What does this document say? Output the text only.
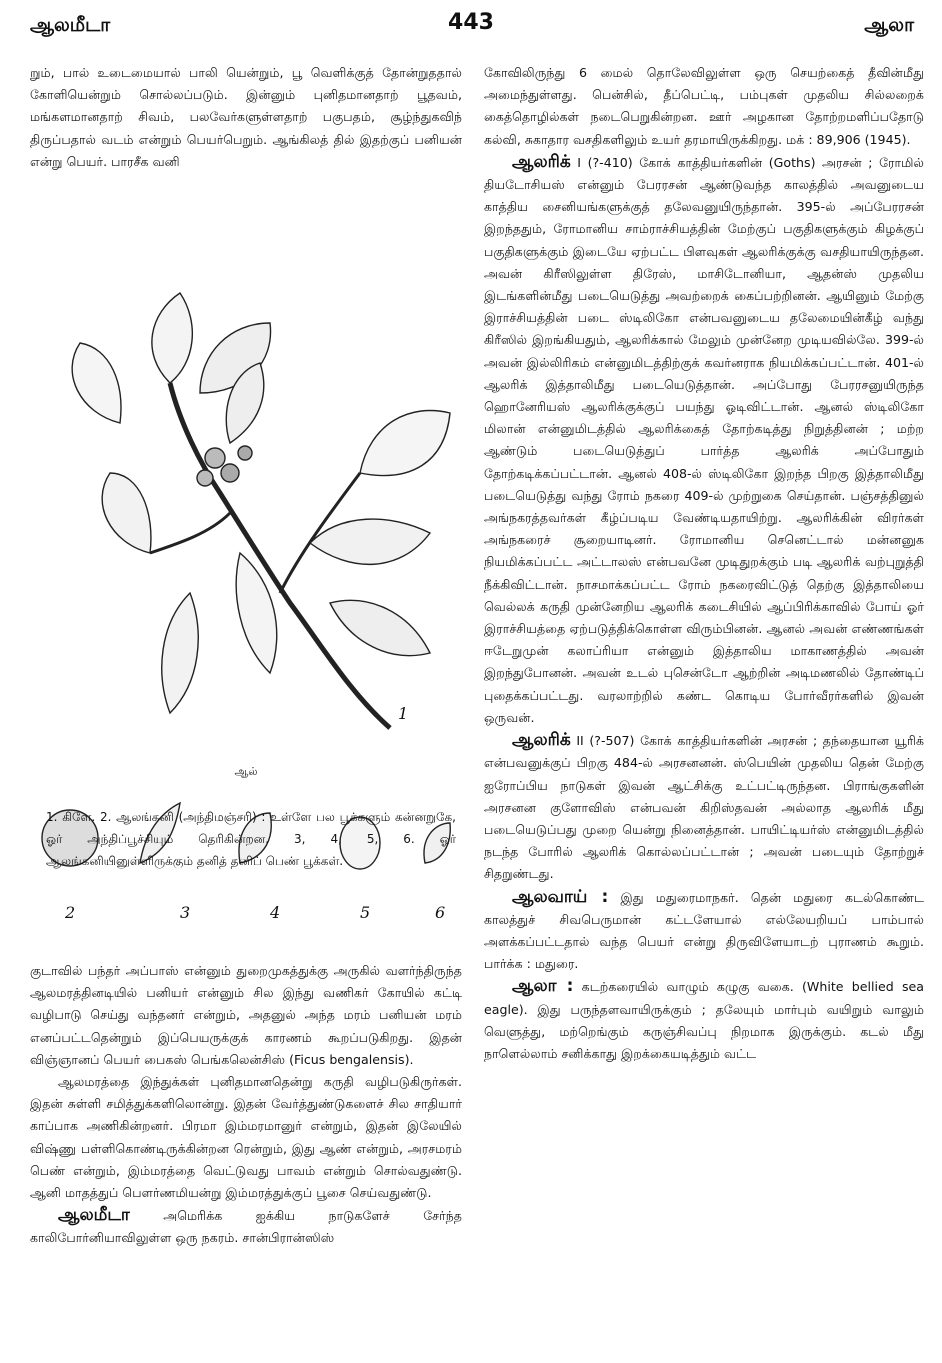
ஆலமீடா	443	ஆலா

றும், பால் உடைமையால் பாலி யென்றும், பூ வெளிக்குத் தோன்றுததால் கோளியென்றும் சொல்லப்படும். இன்னும் புனிதமானதாற் பூதவம், மங்களமானதாற் சிவம், பலவேர்களுள்ளதாற் பகுபதம், சூழ்ந்துகவிந் திருப்பதால் வடம் என்றும் பெயர்பெறும். ஆங்கிலத் தில் இதற்குப் பனியன் என்று பெயர். பாரசீக வனி

1
2	3	4	5	6
ஆல்
1. கிளே. 2. ஆலங்கனி (அந்திமஞ்சரி) : உள்ளே பல பூக்களும் கன்னறுகே, ஓர் அந்திப்பூச்சியும் தெரிகின்றன. 3, 4, 5, 6. ஓர் ஆலங்கனியினுள்ளிருக்கும் தனித் தனிப் பெண் பூக்கள்.

குடாவில் பந்தர் அப்பாஸ் என்னும் துறைமுகத்துக்கு அருகில் வளர்ந்திருந்த ஆலமரத்தினடியில் பனியர் என்னும் சில இந்து வணிகர் கோயில் கட்டி வழிபாடு செய்து வந்தனர் என்றும், அதனுல் அந்த மரம் பனியன் மரம் எனப்பட்டதென்றும் இப்பெயருக்குக் காரணம் கூறப்படுகிறது. இதன் விஞ்ஞானப் பெயர் பைகஸ் பெங்கலென்சிஸ் (Ficus bengalensis).

ஆலமரத்தை இந்துக்கள் புனிதமானதென்று கருதி வழிபடுகிருர்கள். இதன் சுள்ளி சமித்துக்களிலொன்று. இதன் வேர்த்துண்டுகளைச் சில சாதியார் காப்பாக அணிகின்றனர். பிரமா இம்மரமானுர் என்றும், இதன் இலேயில் விஷ்ணு பள்ளிகொண்டிருக்கின்றன ரென்றும், இது ஆண் என்றும், அரசமரம் பெண் என்றும், இம்மரத்தை வெட்டுவது பாவம் என்றும் சொல்வதுண்டு. ஆனி மாதத்துப் பௌர்ணமியன்று இம்மரத்துக்குப் பூசை செய்வதுண்டு.

ஆலமீடா அமெரிக்க ஐக்கிய நாடுகளேச் சேர்ந்த காலிபோர்னியாவிலுள்ள ஒரு நகரம். சான்பிரான்ஸிஸ்

கோவிலிருந்து 6 மைல் தொலேவிலுள்ள ஒரு செயற்கைத் தீவின்மீது அமைந்துள்ளது. பென்சில், தீப்பெட்டி, பம்புகள் முதலிய சில்லறைக் கைத்தொழில்கள் நடைபெறுகின்றன. ஊர் அழகான தோற்றமளிப்பதோடு கல்வி, சுகாதார வசதிகளிலும் உயர் தரமாயிருக்கிறது. மக் : 89,906 (1945).

ஆலரிக் I (?-410) கோக் காத்தியர்களின் (Goths) அரசன் ; ரோமில் தியடோசியஸ் என்னும் பேரரசன் ஆண்டுவந்த காலத்தில் அவனுடைய காத்திய சைனியங்களுக்குத் தலேவனுயிருந்தான். 395-ல் அப்பேரரசன் இறந்ததும், ரோமானிய சாம்ராச்சியத்தின் மேற்குப் பகுதிகளுக்கும் கிழக்குப் பகுதிகளுக்கும் இடையே ஏற்பட்ட பிளவுகள் ஆலரிக்குக்கு வசதியாயிருந்தன. அவன் கிரீஸிலுள்ள திரேஸ், மாசிடோனியா, ஆதன்ஸ் முதலிய இடங்களின்மீது படையெடுத்து அவற்றைக் கைப்பற்றினன். ஆயினும் மேற்கு இராச்சியத்தின் படை ஸ்டிலிகோ என்பவனுடைய தலேமையின்கீழ் வந்து கிரீஸில் இறங்கியதும், ஆலரிக்கால் மேலும் முன்னேற முடியவில்லே. 399-ல் அவன் இல்லிரிகம் என்னுமிடத்திற்குக் கவர்னராக நியமிக்கப்பட்டான். 401-ல் ஆலரிக் இத்தாலிமீது படையெடுத்தான். அப்போது பேரரசனுயிருந்த ஹொனேரியஸ் ஆலரிக்குக்குப் பயந்து ஓடிவிட்டான். ஆனல் ஸ்டிலிகோ மிலான் என்னுமிடத்தில் ஆலரிக்கைத் தோற்கடித்து நிறுத்தினன் ; மற்ற ஆண்டும் படையெடுத்துப் பார்த்த ஆலரிக் அப்போதும் தோற்கடிக்கப்பட்டான். ஆனல் 408-ல் ஸ்டிலிகோ இறந்த பிறகு இத்தாலிமீது படையெடுத்து வந்து ரோம் நகரை 409-ல் முற்றுகை செய்தான். பஞ்சத்தினுல் அங்நகரத்தவர்கள் கீழ்ப்படிய வேண்டியதாயிற்று. ஆலரிக்கின் விரர்கள் அங்நகரைச் சூறையாடினர். ரோமானிய செனெட்டால் மன்னனுக நியமிக்கப்பட்ட அட்டாலஸ் என்பவனே முடிதுறக்கும் படி ஆலரிக் வற்புறுத்தி நீக்கிவிட்டான். நாசமாக்கப்பட்ட ரோம் நகரைவிட்டுத் தெற்கு இத்தாலியை வெல்லக் கருதி முன்னேறிய ஆலரிக் கடைசியில் ஆப்பிரிக்காவில் போய் ஓர் இராச்சியத்தை ஏற்படுத்திக்கொள்ள விரும்பினன். ஆனல் அவன் எண்ணங்கள் ஈடேறுமுன் கலாப்ரியா என்னும் இத்தாலிய மாகாணத்தில் அவன் இறந்துபோனன். அவன் உடல் புசென்டோ ஆற்றின் அடிமணலில் தோண்டிப் புதைக்கப்பட்டது. வரலாற்றில் கண்ட கொடிய போர்வீரர்களில் இவன் ஒருவன்.

ஆலரிக் II (?-507) கோக் காத்தியர்களின் அரசன் ; தந்தையான யூரிக் என்பவனுக்குப் பிறகு 484-ல் அரசனனன். ஸ்பெயின் முதலிய தென் மேற்கு ஐரோப்பிய நாடுகள் இவன் ஆட்சிக்கு உட்பட்டிருந்தன. பிராங்குகளின் அரசனன குளோவிஸ் என்பவன் கிறிஸ்தவன் அல்லாத ஆலரிக் மீது படையெடுப்பது முறை யென்று நினைத்தான். பாயிட்டியர்ஸ் என்னுமிடத்தில் நடந்த போரில் ஆலரிக் கொல்லப்பட்டான் ; அவன் படையும் தோற்றுச் சிதறுண்டது.

ஆலவாய் : இது மதுரைமாநகர். தென் மதுரை கடல்கொண்ட காலத்துச் சிவபெருமான் கட்டளேயால் எல்லேயறியப் பாம்பால் அளக்கப்பட்டதால் வந்த பெயர் என்று திருவிளேயாடற் புராணம் கூறும். பார்க்க : மதுரை.

ஆலா : கடற்கரையில் வாழும் கழுகு வகை. (White bellied sea eagle). இது பருந்தளவாயிருக்கும் ; தலேயும் மார்பும் வயிறும் வாலும் வெளுத்து, மற்றெங்கும் கருஞ்சிவப்பு நிறமாக இருக்கும். கடல் மீது நாளெல்லாம் சனிக்காது இறக்கையடித்தும் வட்ட
